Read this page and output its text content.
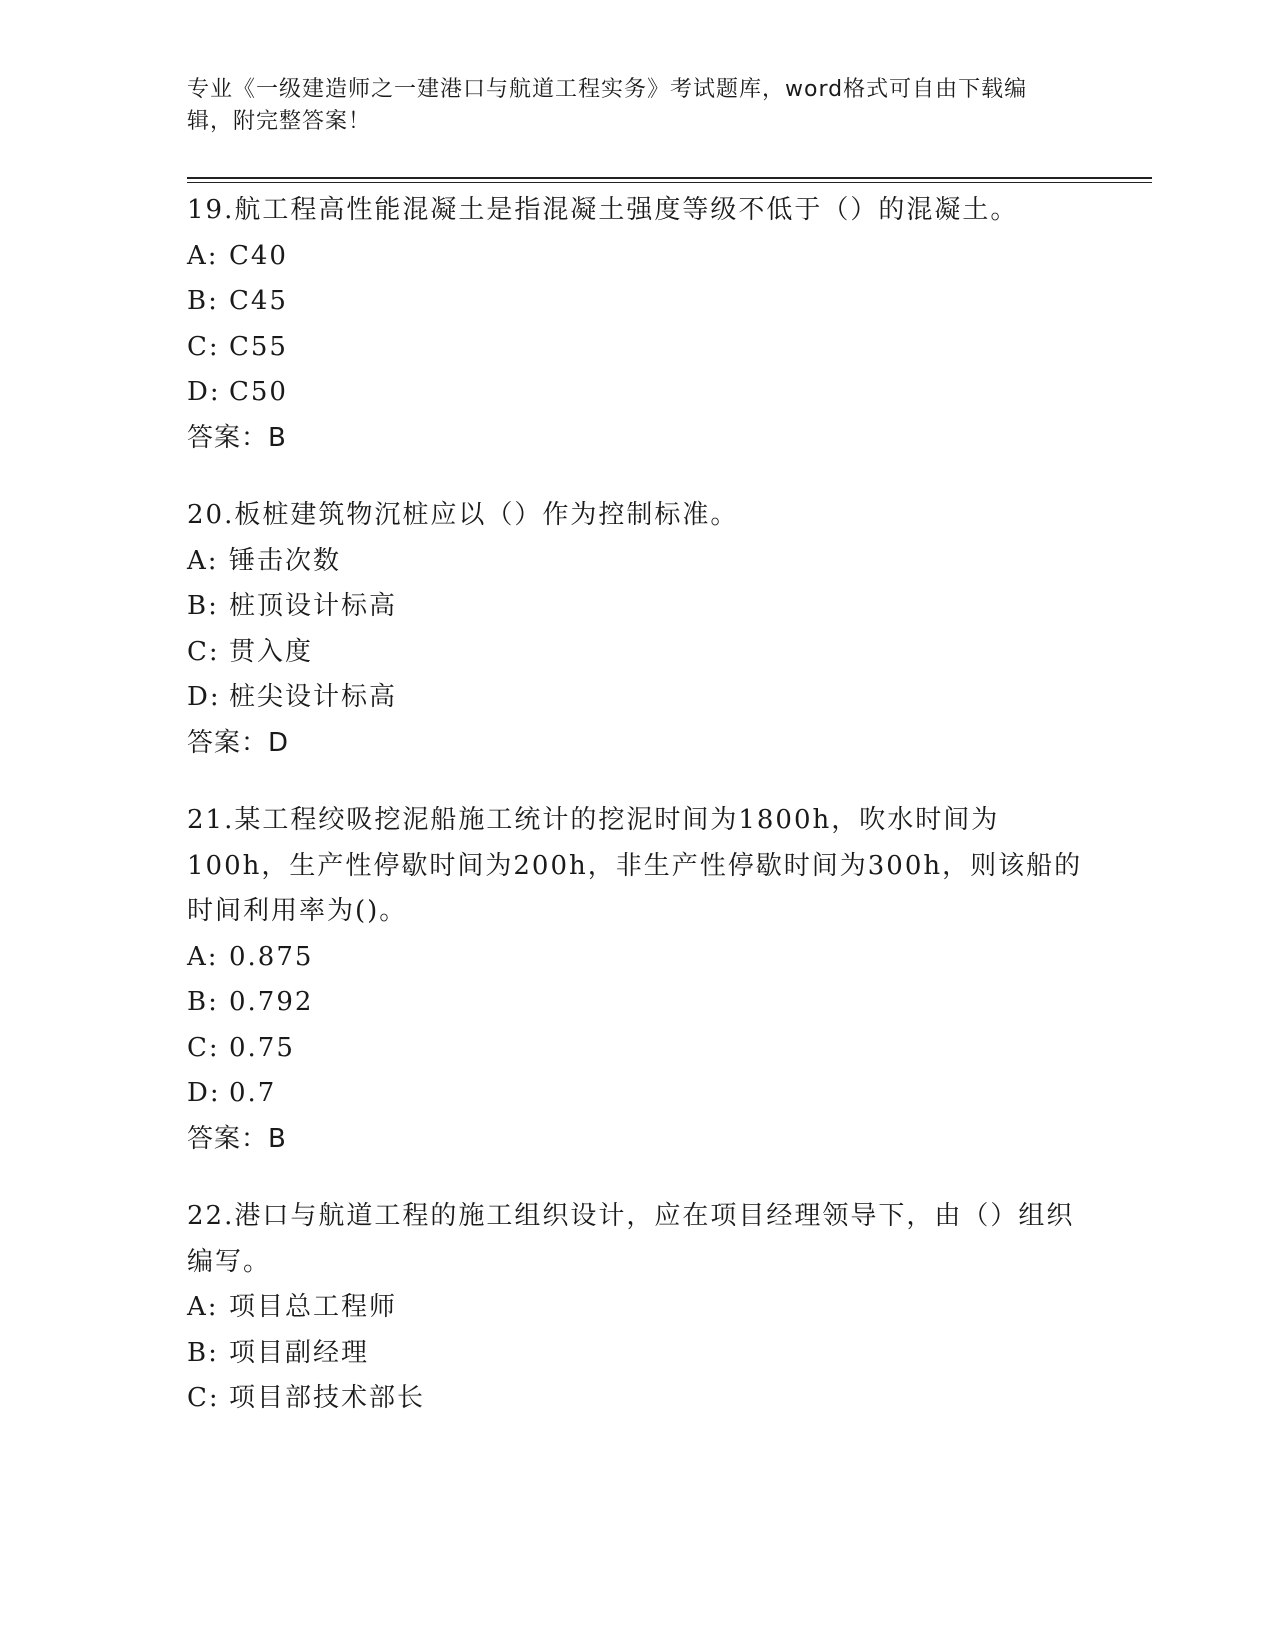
专业《一级建造师之一建港口与航道工程实务》考试题库，word格式可自由下载编辑，附完整答案！

19.航工程高性能混凝土是指混凝土强度等级不低于（）的混凝土。

A: C40

B: C45

C: C55

D: C50

答案：B

20.板桩建筑物沉桩应以（）作为控制标准。

A: 锤击次数

B: 桩顶设计标高

C: 贯入度

D: 桩尖设计标高

答案：D

21.某工程绞吸挖泥船施工统计的挖泥时间为1800h，吹水时间为100h，生产性停歇时间为200h，非生产性停歇时间为300h，则该船的时间利用率为()。

A: 0.875

B: 0.792

C: 0.75

D: 0.7

答案：B

22.港口与航道工程的施工组织设计，应在项目经理领导下，由（）组织编写。

A: 项目总工程师

B: 项目副经理

C: 项目部技术部长
